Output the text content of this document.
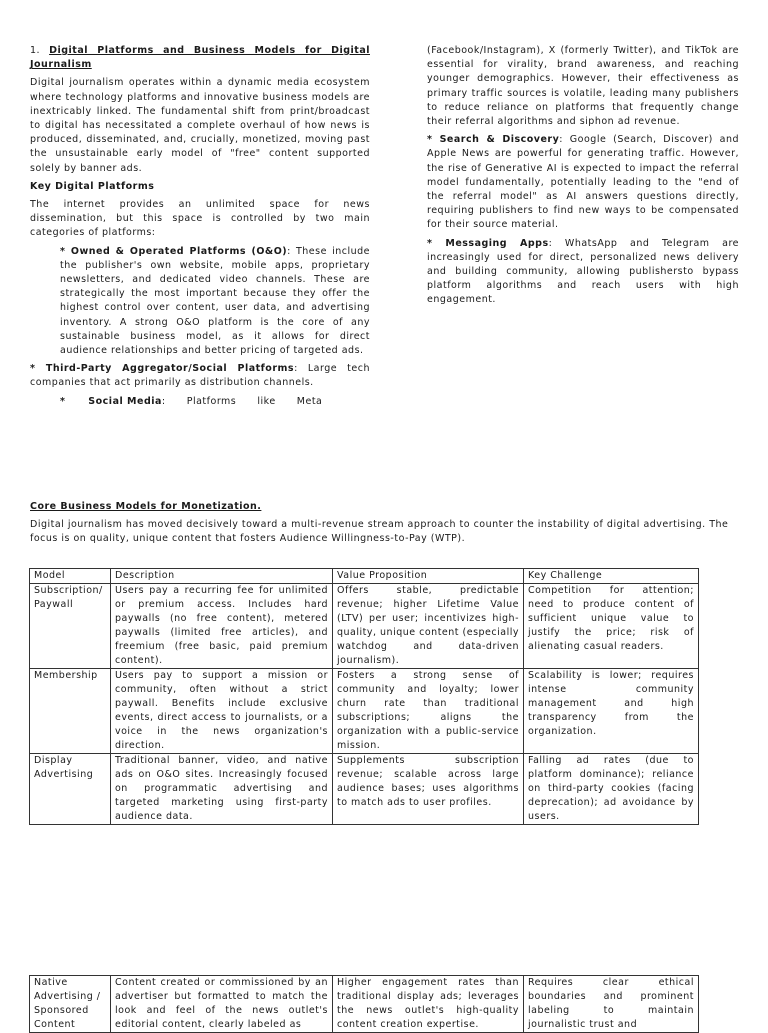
1. Digital Platforms and Business Models for Digital Journalism

Digital journalism operates within a dynamic media ecosystem where technology platforms and innovative business models are inextricably linked. The fundamental shift from print/broadcast to digital has necessitated a complete overhaul of how news is produced, disseminated, and, crucially, monetized, moving past the unsustainable early model of "free" content supported solely by banner ads.

Key Digital Platforms

The internet provides an unlimited space for news dissemination, but this space is controlled by two main categories of platforms:

* Owned & Operated Platforms (O&O): These include the publisher's own website, mobile apps, proprietary newsletters, and dedicated video channels. These are strategically the most important because they offer the highest control over content, user data, and advertising inventory. A strong O&O platform is the core of any sustainable business model, as it allows for direct audience relationships and better pricing of targeted ads.

* Third-Party Aggregator/Social Platforms: Large tech companies that act primarily as distribution channels.

*      Social Media:      Platforms      like      Meta

(Facebook/Instagram), X (formerly Twitter), and TikTok are essential for virality, brand awareness, and reaching younger demographics. However, their effectiveness as primary traffic sources is volatile, leading many publishers to reduce reliance on platforms that frequently change their referral algorithms and siphon ad revenue.

* Search & Discovery: Google (Search, Discover) and Apple News are powerful for generating traffic. However, the rise of Generative AI is expected to impact the referral model fundamentally, potentially leading to the "end of the referral model" as AI answers questions directly, requiring publishers to find new ways to be compensated for their source material.

* Messaging Apps: WhatsApp and Telegram are increasingly used for direct, personalized news delivery and building community, allowing publishersto bypass platform algorithms and reach users with high engagement.

Core Business Models for Monetization.

Digital journalism has moved decisively toward a multi-revenue stream approach to counter the instability of digital advertising. The focus is on quality, unique content that fosters Audience Willingness-to-Pay (WTP).

Model	Description	Value Proposition	Key Challenge
Subscription/ Paywall	Users pay a recurring fee for unlimited or premium access. Includes hard paywalls (no free content), metered paywalls (limited free articles), and freemium (free basic, paid premium content).	Offers stable, predictable revenue; higher Lifetime Value (LTV) per user; incentivizes high-quality, unique content (especially watchdog and data-driven journalism).	Competition for attention; need to produce content of sufficient unique value to justify the price; risk of alienating casual readers.
Membership	Users pay to support a mission or community, often without a strict paywall. Benefits include exclusive events, direct access to journalists, or a voice in the news organization's direction.	Fosters a strong sense of community and loyalty; lower churn rate than traditional subscriptions; aligns the organization with a public-service mission.	Scalability is lower; requires intense community management and high transparency from the organization.
Display Advertising	Traditional banner, video, and native ads on O&O sites. Increasingly focused on programmatic advertising and targeted marketing using first-party audience data.	Supplements subscription revenue; scalable across large audience bases; uses algorithms to match ads to user profiles.	Falling ad rates (due to platform dominance); reliance on third-party cookies (facing deprecation); ad avoidance by users.
Native Advertising / Sponsored Content	Content created or commissioned by an advertiser but formatted to match the look and feel of the news outlet's editorial content, clearly labeled as	Higher engagement rates than traditional display ads; leverages the news outlet's high-quality content creation expertise.	Requires clear ethical boundaries and prominent labeling to maintain journalistic trust and
